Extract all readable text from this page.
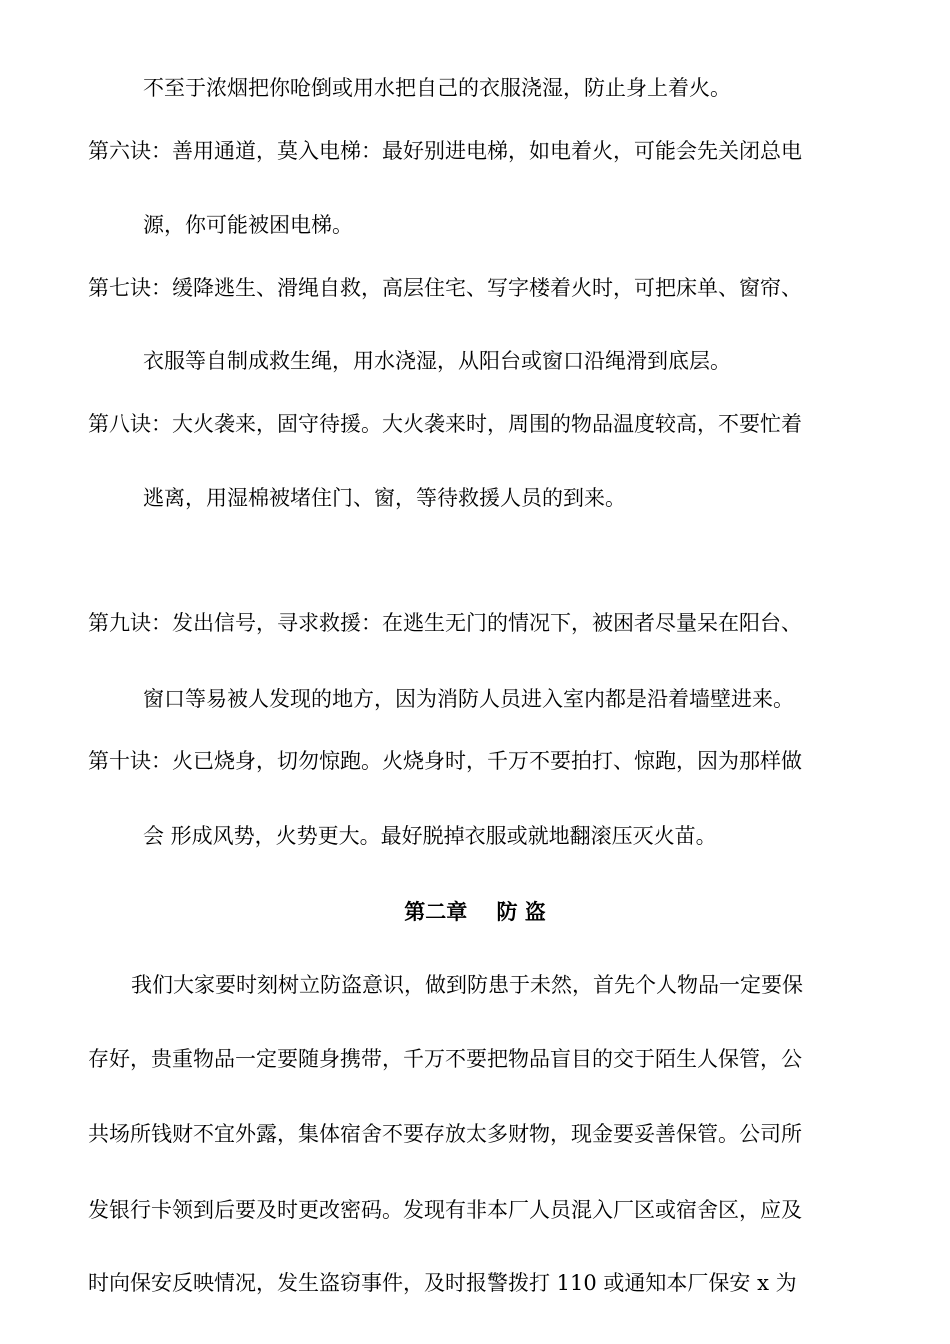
不至于浓烟把你呛倒或用水把自己的衣服浇湿，防止身上着火。
第六诀：善用通道，莫入电梯：最好别进电梯，如电着火，可能会先关闭总电
源，你可能被困电梯。
第七诀：缓降逃生、滑绳自救，高层住宅、写字楼着火时，可把床单、窗帘、
衣服等自制成救生绳，用水浇湿，从阳台或窗口沿绳滑到底层。
第八诀：大火袭来，固守待援。大火袭来时，周围的物品温度较高，不要忙着
逃离，用湿棉被堵住门、窗，等待救援人员的到来。
第九诀：发出信号，寻求救援：在逃生无门的情况下，被困者尽量呆在阳台、
窗口等易被人发现的地方，因为消防人员进入室内都是沿着墙壁进来。
第十诀：火已烧身，切勿惊跑。火烧身时，千万不要拍打、惊跑，因为那样做
会 形成风势，火势更大。最好脱掉衣服或就地翻滚压灭火苗。
第二章    防 盗
我们大家要时刻树立防盗意识，做到防患于未然，首先个人物品一定要保
存好，贵重物品一定要随身携带，千万不要把物品盲目的交于陌生人保管，公
共场所钱财不宜外露，集体宿舍不要存放太多财物，现金要妥善保管。公司所
发银行卡领到后要及时更改密码。发现有非本厂人员混入厂区或宿舍区，应及
时向保安反映情况，发生盗窃事件，及时报警拨打 110 或通知本厂保安 x 为
